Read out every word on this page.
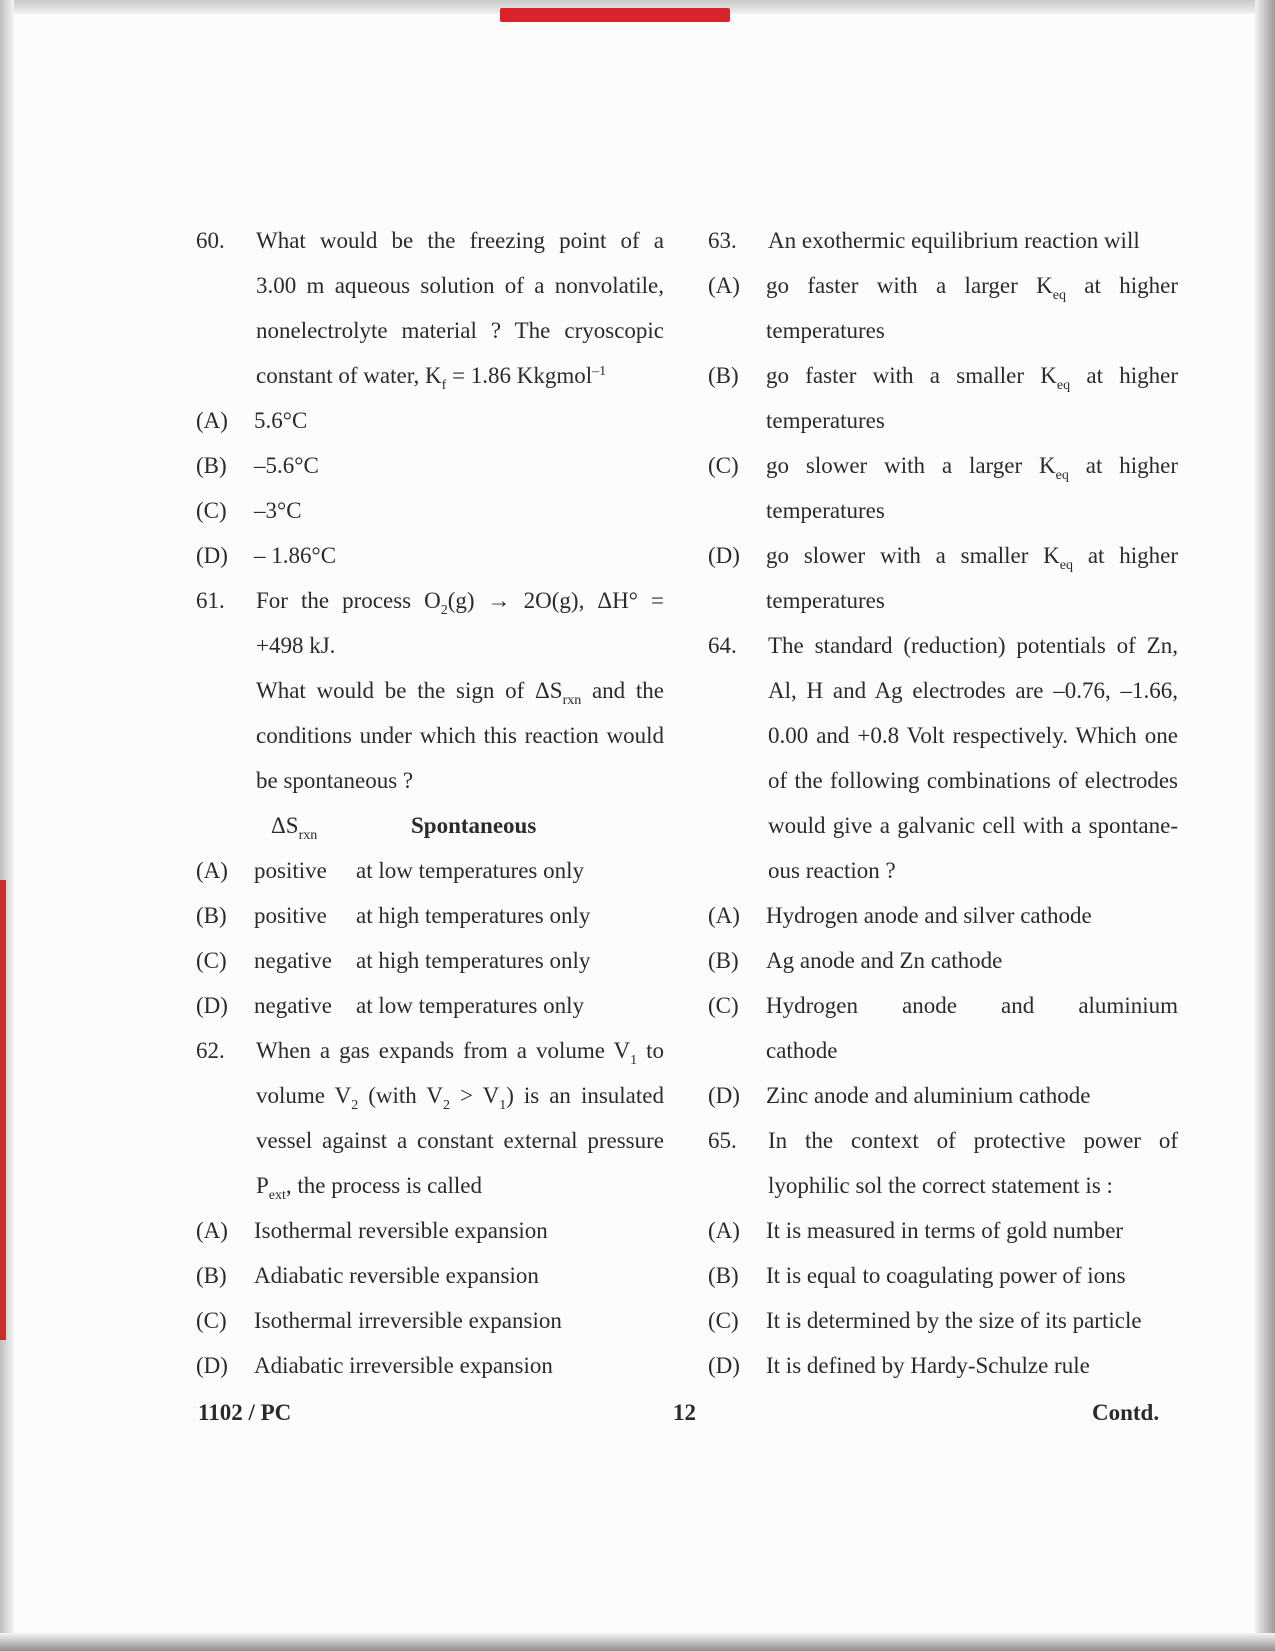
60. What would be the freezing point of a
3.00 m aqueous solution of a nonvolatile,
nonelectrolyte material ? The cryoscopic
constant of water, $K_f = 1.86$ Kkgmol$^{-1}$
(A) 5.6°C
(B) –5.6°C
(C) –3°C
(D) – 1.86°C
61. For the process $O_2(g) \to 2O(g)$, ΔH° =
+498 kJ.
What would be the sign of $\Delta S_{rxn}$ and the
conditions under which this reaction would
be spontaneous ?
$\Delta S_{rxn}$	Spontaneous
(A) positive at low temperatures only
(B) positive at high temperatures only
(C) negative at high temperatures only
(D) negative at low temperatures only
62. When a gas expands from a volume $V_1$ to
volume $V_2$ (with $V_2 > V_1$) is an insulated
vessel against a constant external pressure
$P_{ext}$, the process is called
(A) Isothermal reversible expansion
(B) Adiabatic reversible expansion
(C) Isothermal irreversible expansion
(D) Adiabatic irreversible expansion
63. An exothermic equilibrium reaction will
(A) go faster with a larger $K_{eq}$ at higher
temperatures
(B) go faster with a smaller $K_{eq}$ at higher
temperatures
(C) go slower with a larger $K_{eq}$ at higher
temperatures
(D) go slower with a smaller $K_{eq}$ at higher
temperatures
64. The standard (reduction) potentials of Zn,
Al, H and Ag electrodes are –0.76, –1.66,
0.00 and +0.8 Volt respectively. Which one
of the following combinations of electrodes
would give a galvanic cell with a spontane-
ous reaction ?
(A) Hydrogen anode and silver cathode
(B) Ag anode and Zn cathode
(C) Hydrogen anode and aluminium
cathode
(D) Zinc anode and aluminium cathode
65. In the context of protective power of
lyophilic sol the correct statement is :
(A) It is measured in terms of gold number
(B) It is equal to coagulating power of ions
(C) It is determined by the size of its particle
(D) It is defined by Hardy-Schulze rule
1102 / PC	12	Contd.
